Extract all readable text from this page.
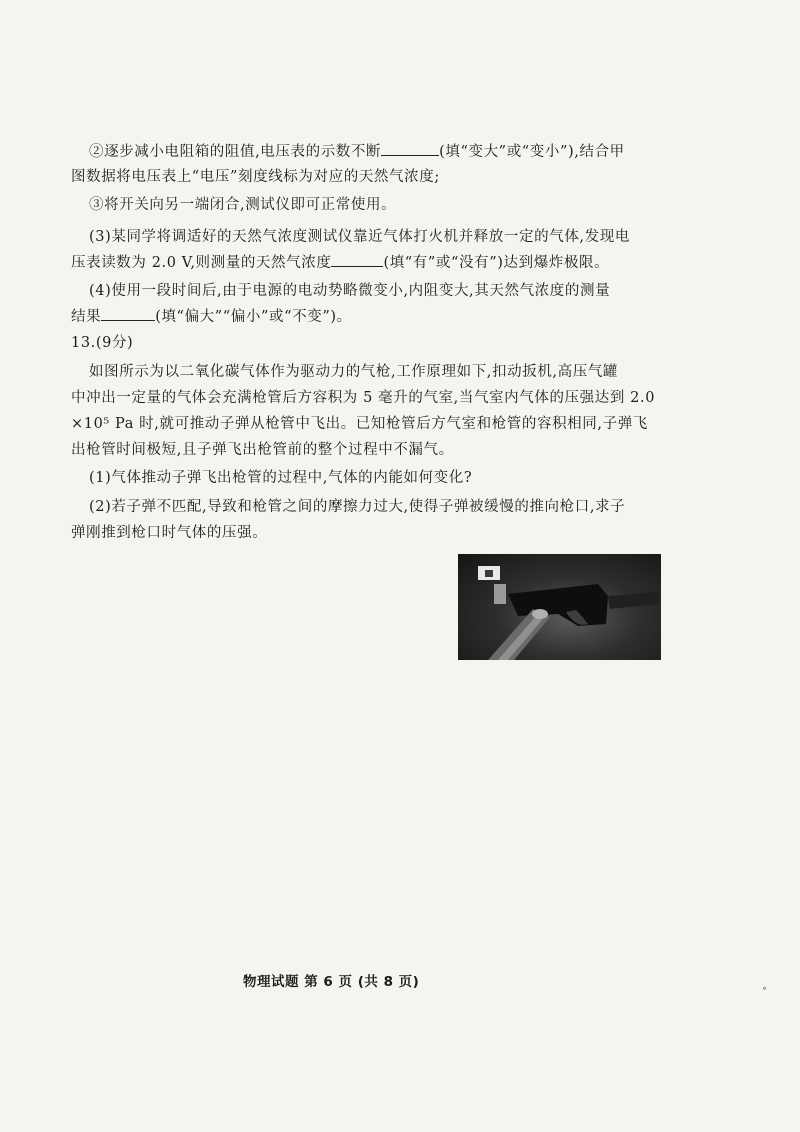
②逐步减小电阻箱的阻值,电压表的示数不断	(填“变大”或“变小”),结合甲
图数据将电压表上“电压”刻度线标为对应的天然气浓度;
③将开关向另一端闭合,测试仪即可正常使用。
(3)某同学将调适好的天然气浓度测试仪靠近气体打火机并释放一定的气体,发现电
压表读数为 2.0 V,则测量的天然气浓度	(填“有”或“没有”)达到爆炸极限。
(4)使用一段时间后,由于电源的电动势略微变小,内阻变大,其天然气浓度的测量
结果	(填“偏大”“偏小”或“不变”)。
13.(9分)
如图所示为以二氧化碳气体作为驱动力的气枪,工作原理如下,扣动扳机,高压气罐
中冲出一定量的气体会充满枪管后方容积为 5 毫升的气室,当气室内气体的压强达到 2.0
×10⁵ Pa 时,就可推动子弹从枪管中飞出。已知枪管后方气室和枪管的容积相同,子弹飞
出枪管时间极短,且子弹飞出枪管前的整个过程中不漏气。
(1)气体推动子弹飞出枪管的过程中,气体的内能如何变化?
(2)若子弹不匹配,导致和枪管之间的摩擦力过大,使得子弹被缓慢的推向枪口,求子
弹刚推到枪口时气体的压强。
物理试题 第 6 页 (共 8 页)
˚
